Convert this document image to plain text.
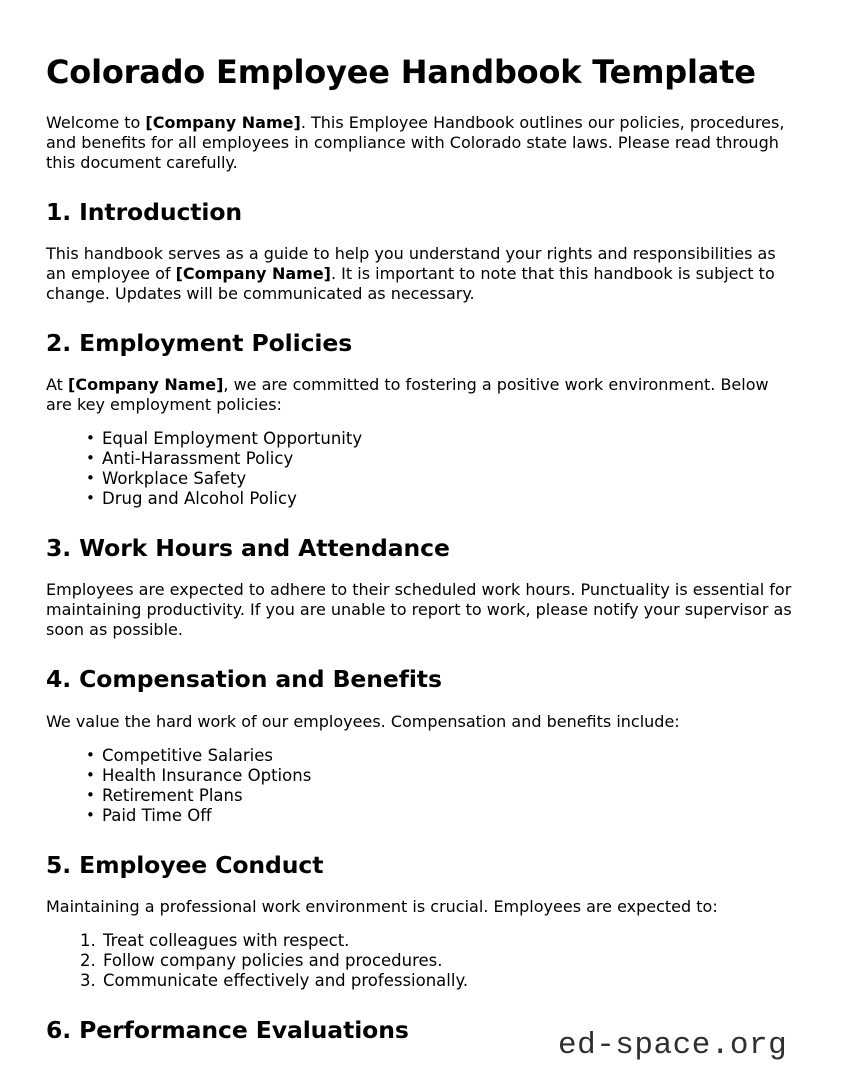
Colorado Employee Handbook Template

Welcome to [Company Name]. This Employee Handbook outlines our policies, procedures, and benefits for all employees in compliance with Colorado state laws. Please read through this document carefully.

1. Introduction

This handbook serves as a guide to help you understand your rights and responsibilities as an employee of [Company Name]. It is important to note that this handbook is subject to change. Updates will be communicated as necessary.

2. Employment Policies

At [Company Name], we are committed to fostering a positive work environment. Below are key employment policies:

• Equal Employment Opportunity
• Anti-Harassment Policy
• Workplace Safety
• Drug and Alcohol Policy
3. Work Hours and Attendance

Employees are expected to adhere to their scheduled work hours. Punctuality is essential for maintaining productivity. If you are unable to report to work, please notify your supervisor as soon as possible.

4. Compensation and Benefits

We value the hard work of our employees. Compensation and benefits include:

• Competitive Salaries
• Health Insurance Options
• Retirement Plans
• Paid Time Off
5. Employee Conduct

Maintaining a professional work environment is crucial. Employees are expected to:

Treat colleagues with respect.
Follow company policies and procedures.
Communicate effectively and professionally.
6. Performance Evaluations	ed-space.org
